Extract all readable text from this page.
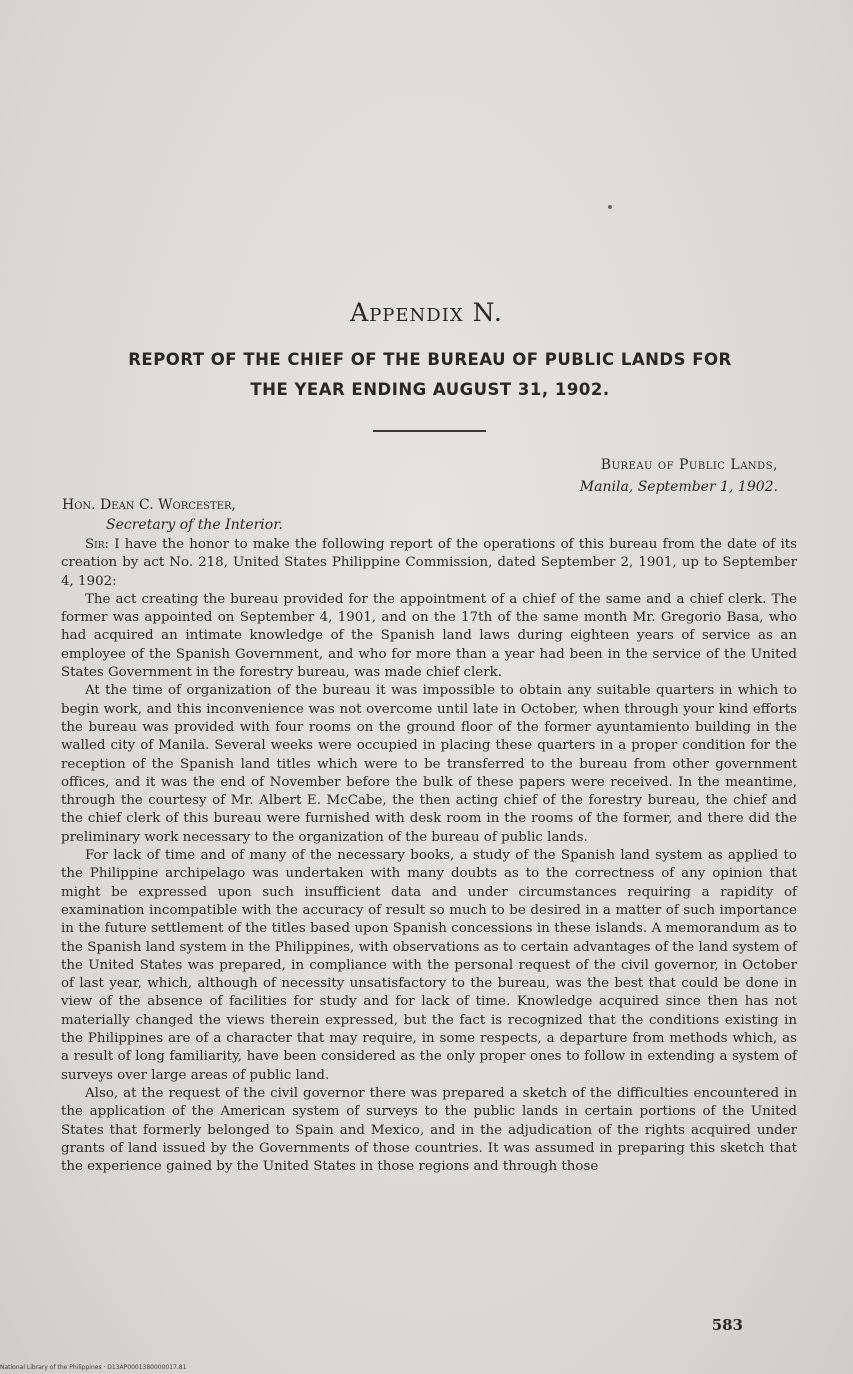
Appendix N.
REPORT OF THE CHIEF OF THE BUREAU OF PUBLIC LANDS FOR
THE YEAR ENDING AUGUST 31, 1902.
Bureau of Public Lands,
Manila, September 1, 1902.
Hon. Dean C. Worcester,
Secretary of the Interior.

Sir: I have the honor to make the following report of the operations of this bureau from the date of its creation by act No. 218, United States Philippine Commission, dated September 2, 1901, up to September 4, 1902:

The act creating the bureau provided for the appointment of a chief of the same and a chief clerk. The former was appointed on September 4, 1901, and on the 17th of the same month Mr. Gregorio Basa, who had acquired an intimate knowledge of the Spanish land laws during eighteen years of service as an employee of the Spanish Government, and who for more than a year had been in the service of the United States Government in the forestry bureau, was made chief clerk.

At the time of organization of the bureau it was impossible to obtain any suitable quarters in which to begin work, and this inconvenience was not overcome until late in October, when through your kind efforts the bureau was provided with four rooms on the ground floor of the former ayuntamiento building in the walled city of Manila. Several weeks were occupied in placing these quarters in a proper condition for the reception of the Spanish land titles which were to be transferred to the bureau from other government offices, and it was the end of November before the bulk of these papers were received. In the meantime, through the courtesy of Mr. Albert E. McCabe, the then acting chief of the forestry bureau, the chief and the chief clerk of this bureau were furnished with desk room in the rooms of the former, and there did the preliminary work necessary to the organization of the bureau of public lands.

For lack of time and of many of the necessary books, a study of the Spanish land system as applied to the Philippine archipelago was undertaken with many doubts as to the correctness of any opinion that might be expressed upon such insufficient data and under circumstances requiring a rapidity of examination incompatible with the accuracy of result so much to be desired in a matter of such importance in the future settlement of the titles based upon Spanish concessions in these islands. A memorandum as to the Spanish land system in the Philippines, with observations as to certain advantages of the land system of the United States was prepared, in compliance with the personal request of the civil governor, in October of last year, which, although of necessity unsatisfactory to the bureau, was the best that could be done in view of the absence of facilities for study and for lack of time. Knowledge acquired since then has not materially changed the views therein expressed, but the fact is recognized that the conditions existing in the Philippines are of a character that may require, in some respects, a departure from methods which, as a result of long familiarity, have been considered as the only proper ones to follow in extending a system of surveys over large areas of public land.

Also, at the request of the civil governor there was prepared a sketch of the difficulties encountered in the application of the American system of surveys to the public lands in certain portions of the United States that formerly belonged to Spain and Mexico, and in the adjudication of the rights acquired under grants of land issued by the Governments of those countries. It was assumed in preparing this sketch that the experience gained by the United States in those regions and through those

583
National Library of the Philippines · D13AP0001380000017.81
